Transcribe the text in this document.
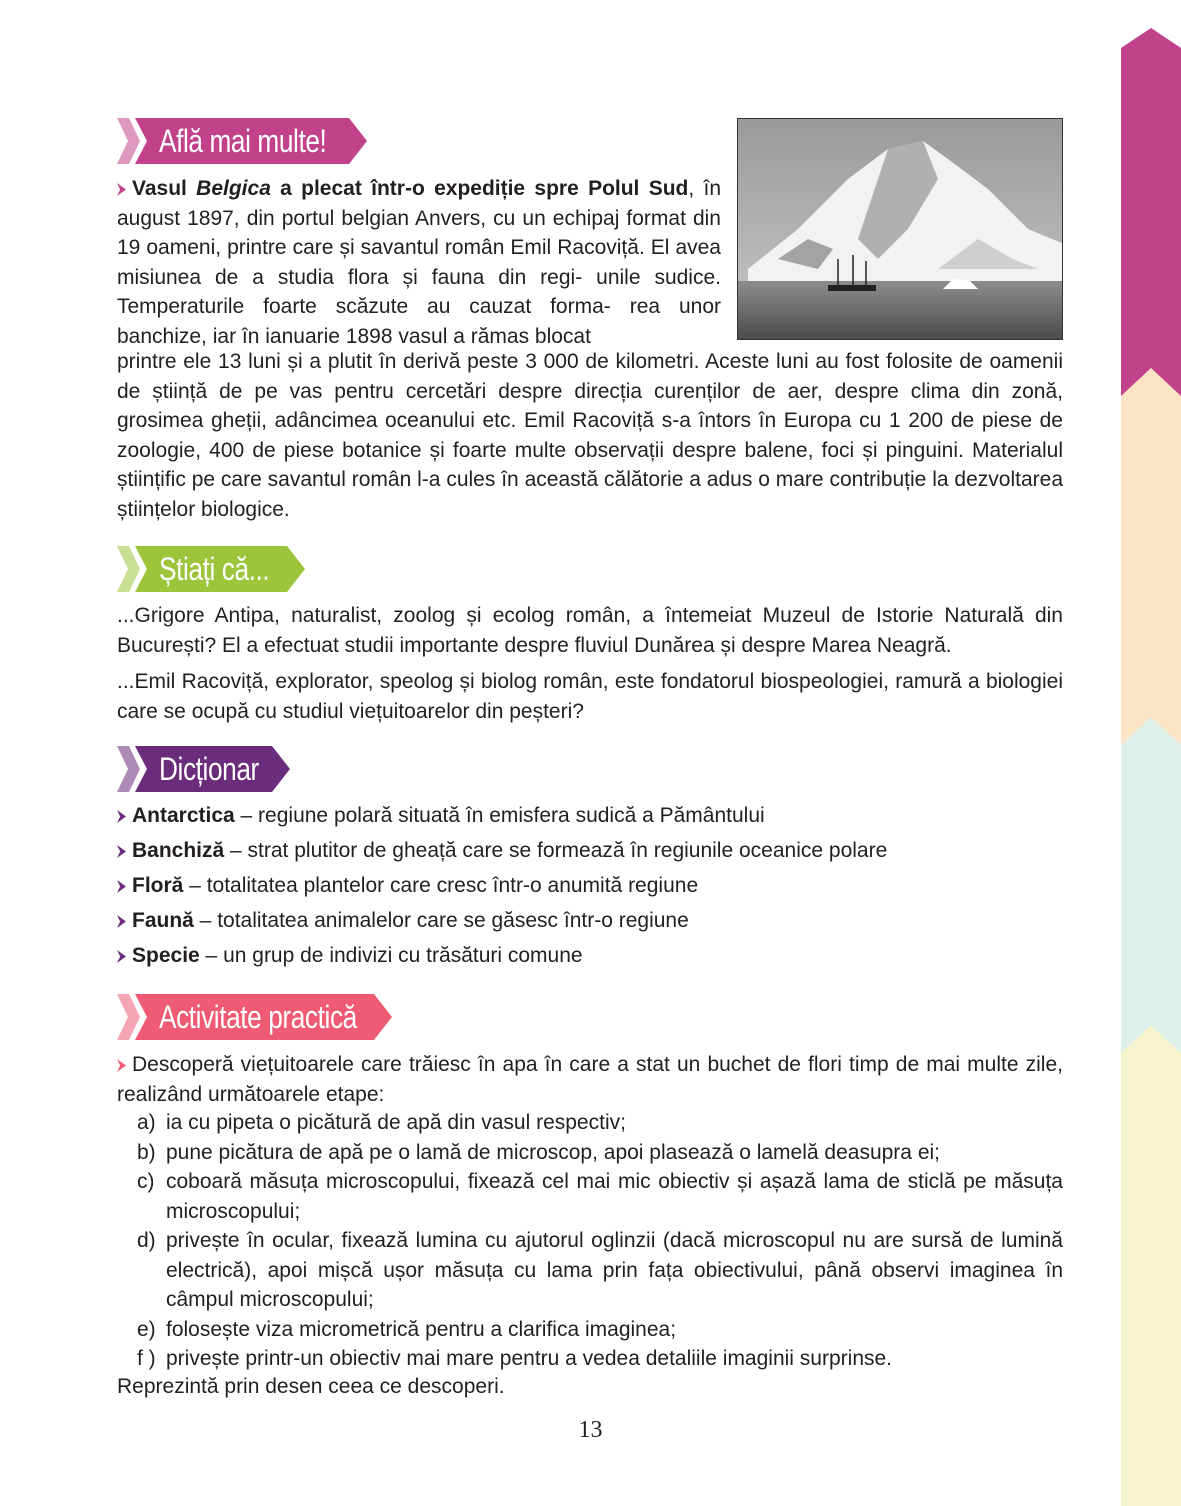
Află mai multe!
Vasul Belgica a plecat într-o expediție spre Polul Sud, în august 1897, din portul belgian Anvers, cu un echipaj format din 19 oameni, printre care și savantul român Emil Racoviță. El avea misiunea de a studia flora și fauna din regi- unile sudice. Temperaturile foarte scăzute au cauzat forma- rea unor banchize, iar în ianuarie 1898 vasul a rămas blocat
printre ele 13 luni și a plutit în derivă peste 3 000 de kilometri. Aceste luni au fost folosite de oamenii de știință de pe vas pentru cercetări despre direcția curenților de aer, despre clima din zonă, grosimea gheții, adâncimea oceanului etc. Emil Racoviță s-a întors în Europa cu 1 200 de piese de zoologie, 400 de piese botanice și foarte multe observații despre balene, foci și pinguini. Materialul științific pe care savantul român l-a cules în această călătorie a adus o mare contribuție la dezvoltarea științelor biologice.
Știați că...
...Grigore Antipa, naturalist, zoolog și ecolog român, a întemeiat Muzeul de Istorie Naturală din București? El a efectuat studii importante despre fluviul Dunărea și despre Marea Neagră.
...Emil Racoviță, explorator, speolog și biolog român, este fondatorul biospeologiei, ramură a biologiei care se ocupă cu studiul viețuitoarelor din peșteri?
Dicționar
Antarctica – regiune polară situată în emisfera sudică a Pământului
Banchiză – strat plutitor de gheață care se formează în regiunile oceanice polare
Floră – totalitatea plantelor care cresc într-o anumită regiune
Faună – totalitatea animalelor care se găsesc într-o regiune
Specie – un grup de indivizi cu trăsături comune
Activitate practică
Descoperă viețuitoarele care trăiesc în apa în care a stat un buchet de flori timp de mai multe zile, realizând următoarele etape:
a) ia cu pipeta o picătură de apă din vasul respectiv;
b) pune picătura de apă pe o lamă de microscop, apoi plasează o lamelă deasupra ei;
c) coboară măsuța microscopului, fixează cel mai mic obiectiv și așază lama de sticlă pe măsuța microscopului;
d) privește în ocular, fixează lumina cu ajutorul oglinzii (dacă microscopul nu are sursă de lumină electrică), apoi mișcă ușor măsuța cu lama prin fața obiectivului, până observi imaginea în câmpul microscopului;
e) folosește viza micrometrică pentru a clarifica imaginea;
f ) privește printr-un obiectiv mai mare pentru a vedea detaliile imaginii surprinse.
Reprezintă prin desen ceea ce descoperi.
13
